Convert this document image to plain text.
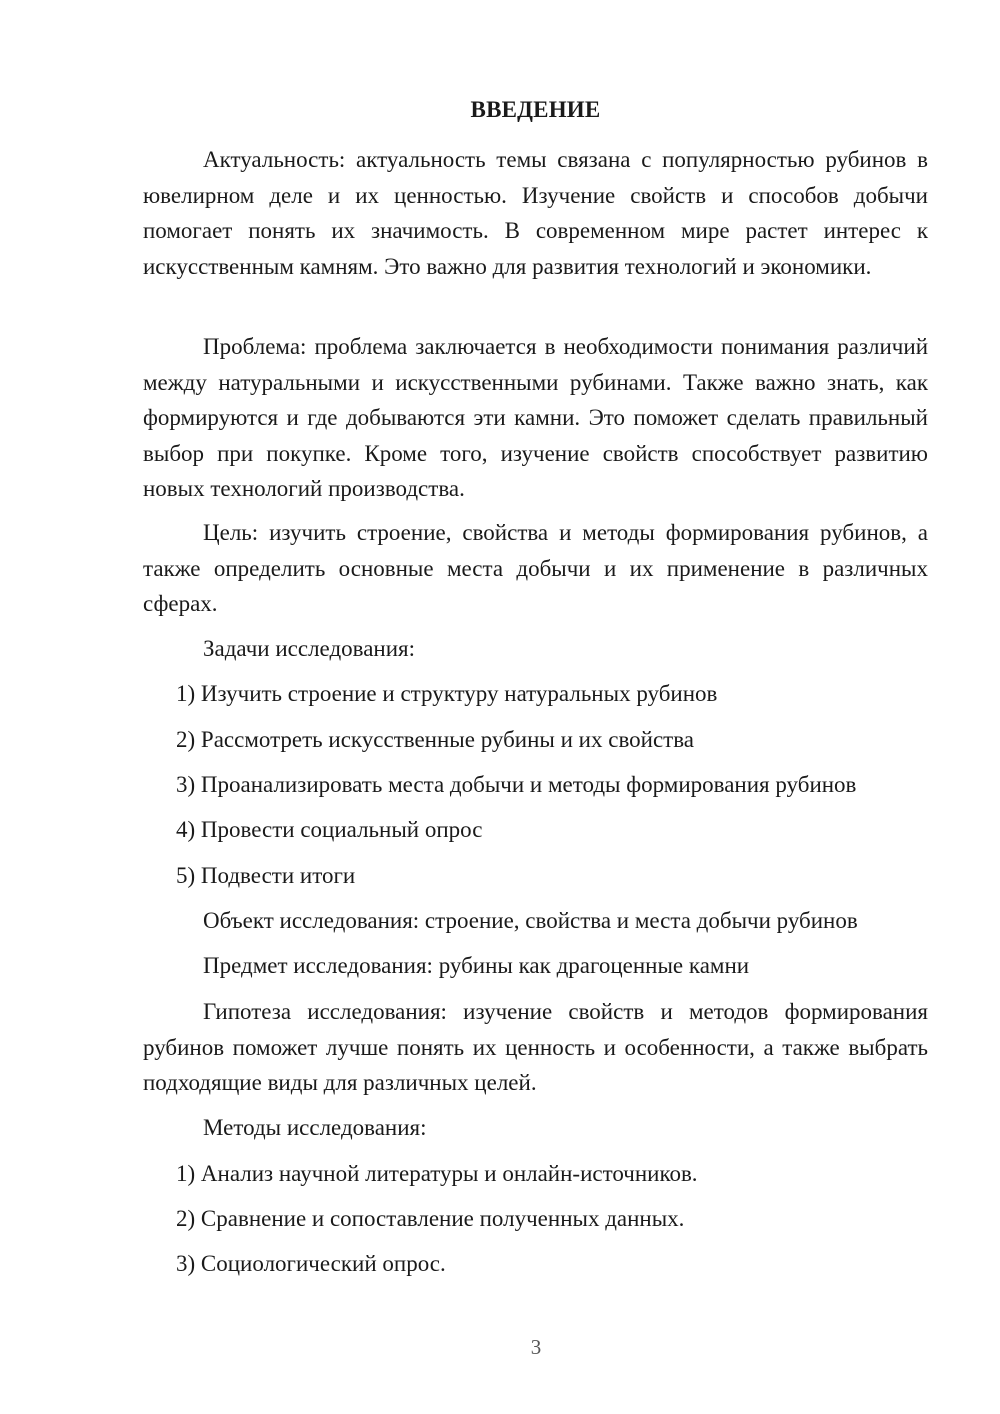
ВВЕДЕНИЕ

Актуальность: актуальность темы связана с популярностью рубинов в ювелирном деле и их ценностью. Изучение свойств и способов добычи помогает понять их значимость. В современном мире растет интерес к искусственным камням. Это важно для развития технологий и экономики.

Проблема: проблема заключается в необходимости понимания различий между натуральными и искусственными рубинами. Также важно знать, как формируются и где добываются эти камни. Это поможет сделать правильный выбор при покупке. Кроме того, изучение свойств способствует развитию новых технологий производства.

Цель: изучить строение, свойства и методы формирования рубинов, а также определить основные места добычи и их применение в различных сферах.

Задачи исследования:

1) Изучить строение и структуру натуральных рубинов

2) Рассмотреть искусственные рубины и их свойства

3) Проанализировать места добычи и методы формирования рубинов

4) Провести социальный опрос

5) Подвести итоги

Объект исследования: строение, свойства и места добычи рубинов

Предмет исследования: рубины как драгоценные камни

Гипотеза исследования: изучение свойств и методов формирования рубинов поможет лучше понять их ценность и особенности, а также выбрать подходящие виды для различных целей.

Методы исследования:

1) Анализ научной литературы и онлайн-источников.

2) Сравнение и сопоставление полученных данных.

3) Социологический опрос.

3
